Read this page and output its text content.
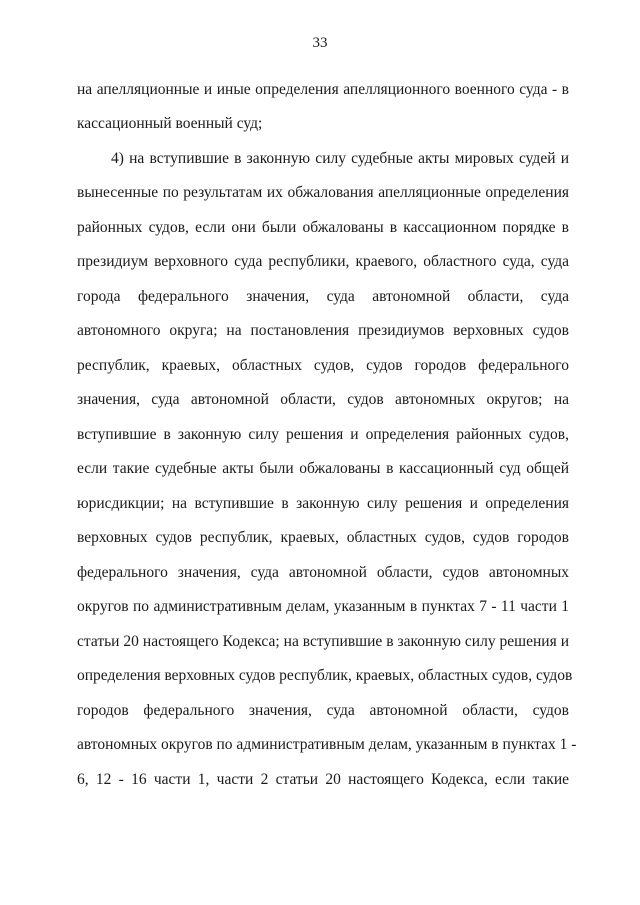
33
на апелляционные и иные определения апелляционного военного суда - в
кассационный военный суд;
4) на вступившие в законную силу судебные акты мировых судей и
вынесенные по результатам их обжалования апелляционные определения
районных судов, если они были обжалованы в кассационном порядке в
президиум верховного суда республики, краевого, областного суда, суда
города федерального значения, суда автономной области, суда
автономного округа; на постановления президиумов верховных судов
республик, краевых, областных судов, судов городов федерального
значения, суда автономной области, судов автономных округов; на
вступившие в законную силу решения и определения районных судов,
если такие судебные акты были обжалованы в кассационный суд общей
юрисдикции; на вступившие в законную силу решения и определения
верховных судов республик, краевых, областных судов, судов городов
федерального значения, суда автономной области, судов автономных
округов по административным делам, указанным в пунктах 7 - 11 части 1
статьи 20 настоящего Кодекса; на вступившие в законную силу решения и
определения верховных судов республик, краевых, областных судов, судов
городов федерального значения, суда автономной области, судов
автономных округов по административным делам, указанным в пунктах 1 -
6, 12 - 16 части 1, части 2 статьи 20 настоящего Кодекса, если такие
